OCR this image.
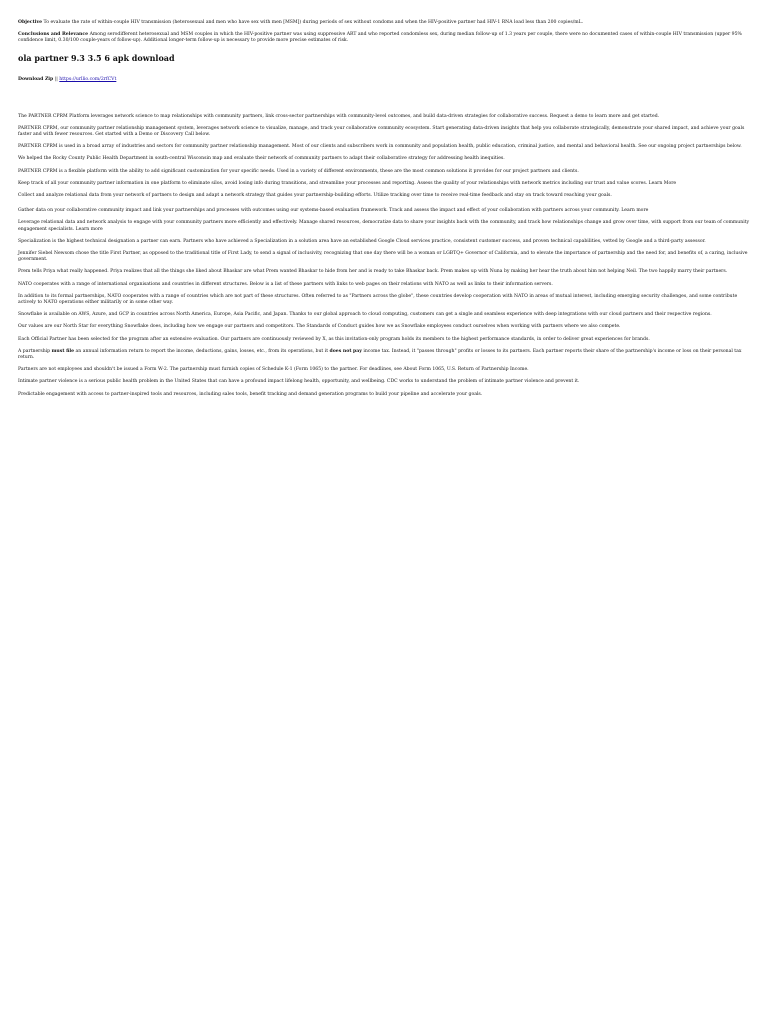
Objective To evaluate the rate of within-couple HIV transmission (heterosexual and men who have sex with men [MSM]) during periods of sex without condoms and when the HIV-positive partner had HIV-1 RNA load less than 200 copies/mL.

Conclusions and Relevance Among serodifferent heterosexual and MSM couples in which the HIV-positive partner was using suppressive ART and who reported condomless sex, during median follow-up of 1.3 years per couple, there were no documented cases of within-couple HIV transmission (upper 95% confidence limit, 0.30/100 couple-years of follow-up). Additional longer-term follow-up is necessary to provide more precise estimates of risk.

ola partner 9.3 3.5 6 apk download
Download Zip || https://urllio.com/2rfCVt

The PARTNER CPRM Platform leverages network science to map relationships with community partners, link cross-sector partnerships with community-level outcomes, and build data-driven strategies for collaborative success. Request a demo to learn more and get started.

PARTNER CPRM, our community partner relationship management system, leverages network science to visualize, manage, and track your collaborative community ecosystem. Start generating data-driven insights that help you collaborate strategically, demonstrate your shared impact, and achieve your goals faster and with fewer resources. Get started with a Demo or Discovery Call below.

PARTNER CPRM is used in a broad array of industries and sectors for community partner relationship management. Most of our clients and subscribers work in community and population health, public education, criminal justice, and mental and behavioral health. See our ongoing project partnerships below.

We helped the Rocky County Public Health Department in south-central Wisconsin map and evaluate their network of community partners to adapt their collaborative strategy for addressing health inequities.

PARTNER CPRM is a flexible platform with the ability to add significant customization for your specific needs. Used in a variety of different environments, these are the most common solutions it provides for our project partners and clients.

Keep track of all your community partner information in one platform to eliminate silos, avoid losing info during transitions, and streamline your processes and reporting. Assess the quality of your relationships with network metrics including our trust and value scores. Learn More

Collect and analyze relational data from your network of partners to design and adapt a network strategy that guides your partnership-building efforts. Utilize tracking over time to receive real-time feedback and stay on track toward reaching your goals.

Gather data on your collaborative community impact and link your partnerships and processes with outcomes using our systems-based evaluation framework. Track and assess the impact and effect of your collaboration with partners across your community. Learn more

Leverage relational data and network analysis to engage with your community partners more efficiently and effectively. Manage shared resources, democratize data to share your insights back with the community, and track how relationships change and grow over time, with support from our team of community engagement specialists. Learn more

Specialization is the highest technical designation a partner can earn. Partners who have achieved a Specialization in a solution area have an established Google Cloud services practice, consistent customer success, and proven technical capabilities, vetted by Google and a third-party assessor.

Jennifer Siebel Newsom chose the title First Partner, as opposed to the traditional title of First Lady, to send a signal of inclusivity, recognizing that one day there will be a woman or LGBTQ+ Governor of California, and to elevate the importance of partnership and the need for, and benefits of, a caring, inclusive government.

Prem tells Priya what really happened. Priya realizes that all the things she liked about Bhaskar are what Prem wanted Bhaskar to hide from her and is ready to take Bhaskar back. Prem makes up with Nuna by making her hear the truth about him not helping Neil. The two happily marry their partners.

NATO cooperates with a range of international organisations and countries in different structures. Below is a list of these partners with links to web pages on their relations with NATO as well as links to their information servers.

In addition to its formal partnerships, NATO cooperates with a range of countries which are not part of these structures. Often referred to as "Partners across the globe", these countries develop cooperation with NATO in areas of mutual interest, including emerging security challenges, and some contribute actively to NATO operations either militarily or in some other way.

Snowflake is available on AWS, Azure, and GCP in countries across North America, Europe, Asia Pacific, and Japan. Thanks to our global approach to cloud computing, customers can get a single and seamless experience with deep integrations with our cloud partners and their respective regions.

Our values are our North Star for everything Snowflake does, including how we engage our partners and competitors. The Standards of Conduct guides how we as Snowflake employees conduct ourselves when working with partners where we also compete.

Each Official Partner has been selected for the program after an extensive evaluation. Our partners are continuously reviewed by X, as this invitation-only program holds its members to the highest performance standards, in order to deliver great experiences for brands.

A partnership must file an annual information return to report the income, deductions, gains, losses, etc., from its operations, but it does not pay income tax. Instead, it "passes through" profits or losses to its partners. Each partner reports their share of the partnership's income or loss on their personal tax return.

Partners are not employees and shouldn't be issued a Form W-2. The partnership must furnish copies of Schedule K-1 (Form 1065) to the partner. For deadlines, see About Form 1065, U.S. Return of Partnership Income.

Intimate partner violence is a serious public health problem in the United States that can have a profound impact lifelong health, opportunity, and wellbeing. CDC works to understand the problem of intimate partner violence and prevent it.

Predictable engagement with access to partner-inspired tools and resources, including sales tools, benefit tracking and demand generation programs to build your pipeline and accelerate your goals.
